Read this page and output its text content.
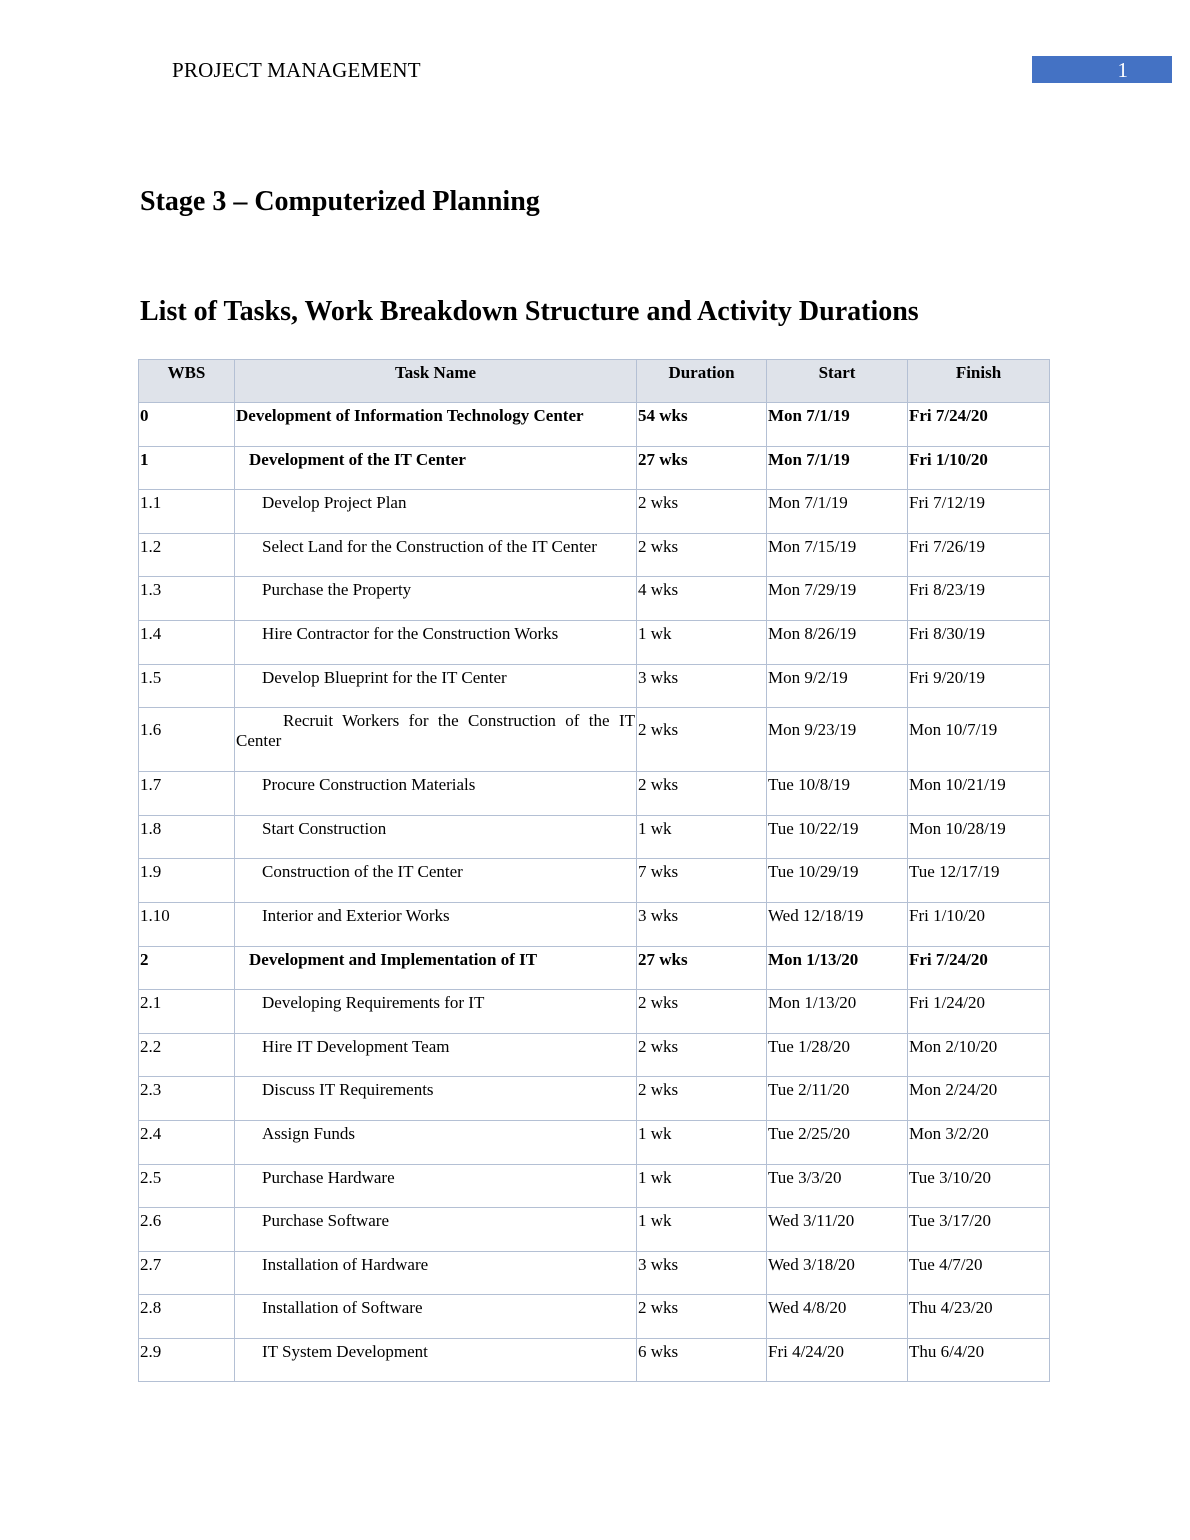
PROJECT MANAGEMENT	1
Stage 3 – Computerized Planning
List of Tasks, Work Breakdown Structure and Activity Durations
WBS	Task Name	Duration	Start	Finish
0	Development of Information Technology Center	54 wks	Mon 7/1/19	Fri 7/24/20
1	Development of the IT Center	27 wks	Mon 7/1/19	Fri 1/10/20
1.1	Develop Project Plan	2 wks	Mon 7/1/19	Fri 7/12/19
1.2	Select Land for the Construction of the IT Center	2 wks	Mon 7/15/19	Fri 7/26/19
1.3	Purchase the Property	4 wks	Mon 7/29/19	Fri 8/23/19
1.4	Hire Contractor for the Construction Works	1 wk	Mon 8/26/19	Fri 8/30/19
1.5	Develop Blueprint for the IT Center	3 wks	Mon 9/2/19	Fri 9/20/19
1.6	Recruit Workers for the Construction of the IT Center	2 wks	Mon 9/23/19	Mon 10/7/19
1.7	Procure Construction Materials	2 wks	Tue 10/8/19	Mon 10/21/19
1.8	Start Construction	1 wk	Tue 10/22/19	Mon 10/28/19
1.9	Construction of the IT Center	7 wks	Tue 10/29/19	Tue 12/17/19
1.10	Interior and Exterior Works	3 wks	Wed 12/18/19	Fri 1/10/20
2	Development and Implementation of IT	27 wks	Mon 1/13/20	Fri 7/24/20
2.1	Developing Requirements for IT	2 wks	Mon 1/13/20	Fri 1/24/20
2.2	Hire IT Development Team	2 wks	Tue 1/28/20	Mon 2/10/20
2.3	Discuss IT Requirements	2 wks	Tue 2/11/20	Mon 2/24/20
2.4	Assign Funds	1 wk	Tue 2/25/20	Mon 3/2/20
2.5	Purchase Hardware	1 wk	Tue 3/3/20	Tue 3/10/20
2.6	Purchase Software	1 wk	Wed 3/11/20	Tue 3/17/20
2.7	Installation of Hardware	3 wks	Wed 3/18/20	Tue 4/7/20
2.8	Installation of Software	2 wks	Wed 4/8/20	Thu 4/23/20
2.9	IT System Development	6 wks	Fri 4/24/20	Thu 6/4/20
